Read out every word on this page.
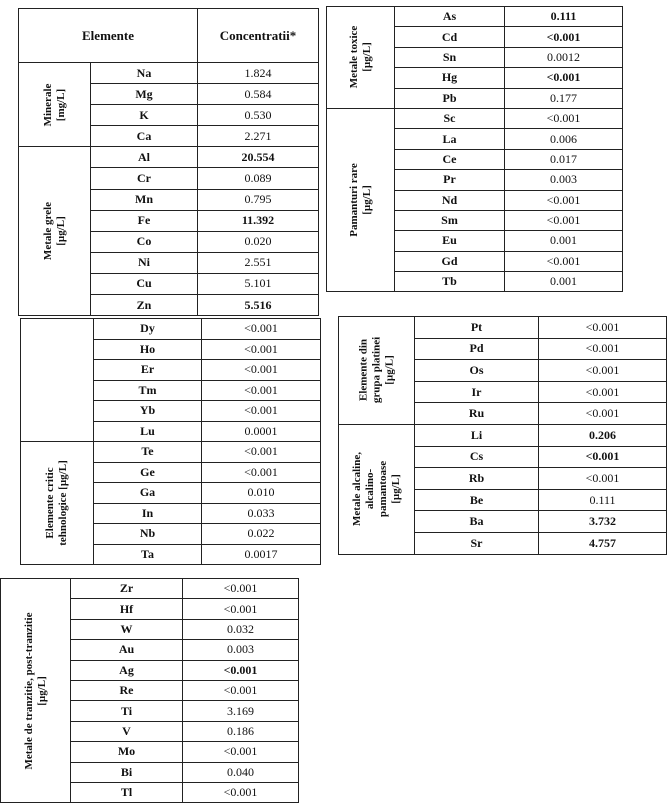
Elemente		Concentratii*

Minerale [mg/L]	Na	1.824
	Mg	0.584
	K	0.530
	Ca	2.271

Metale grele [µg/L]	Al	20.554
	Cr	0.089
	Mn	0.795
	Fe	11.392
	Co	0.020
	Ni	2.551
	Cu	5.101
	Zn	5.516
Metale toxice [µg/L]	As	0.111
	Cd	<0.001
	Sn	0.0012
	Hg	<0.001
	Pb	0.177

Pamanturi rare [µg/L]	Sc	<0.001
	La	0.006
	Ce	0.017
	Pr	0.003
	Nd	<0.001
	Sm	<0.001
	Eu	0.001
	Gd	<0.001
	Tb	0.001
	Dy	<0.001
	Ho	<0.001
	Er	<0.001
	Tm	<0.001
	Yb	<0.001
	Lu	0.0001

Elemente critic tehnologice [µg/L]	Te	<0.001
	Ge	<0.001
	Ga	0.010
	In	0.033
	Nb	0.022
	Ta	0.0017
Elemente din grupa platinei [µg/L]	Pt	<0.001
	Pd	<0.001
	Os	<0.001
	Ir	<0.001
	Ru	<0.001

Metale alcaline, alcalino- pamantoase [µg/L]	Li	0.206
	Cs	<0.001
	Rb	<0.001
	Be	0.111
	Ba	3.732
	Sr	4.757
Metale de tranzitie, post-tranzitie [µg/L]	Zr	<0.001
	Hf	<0.001
	W	0.032
	Au	0.003
	Ag	<0.001
	Re	<0.001
	Ti	3.169
	V	0.186
	Mo	<0.001
	Bi	0.040
	Tl	<0.001
